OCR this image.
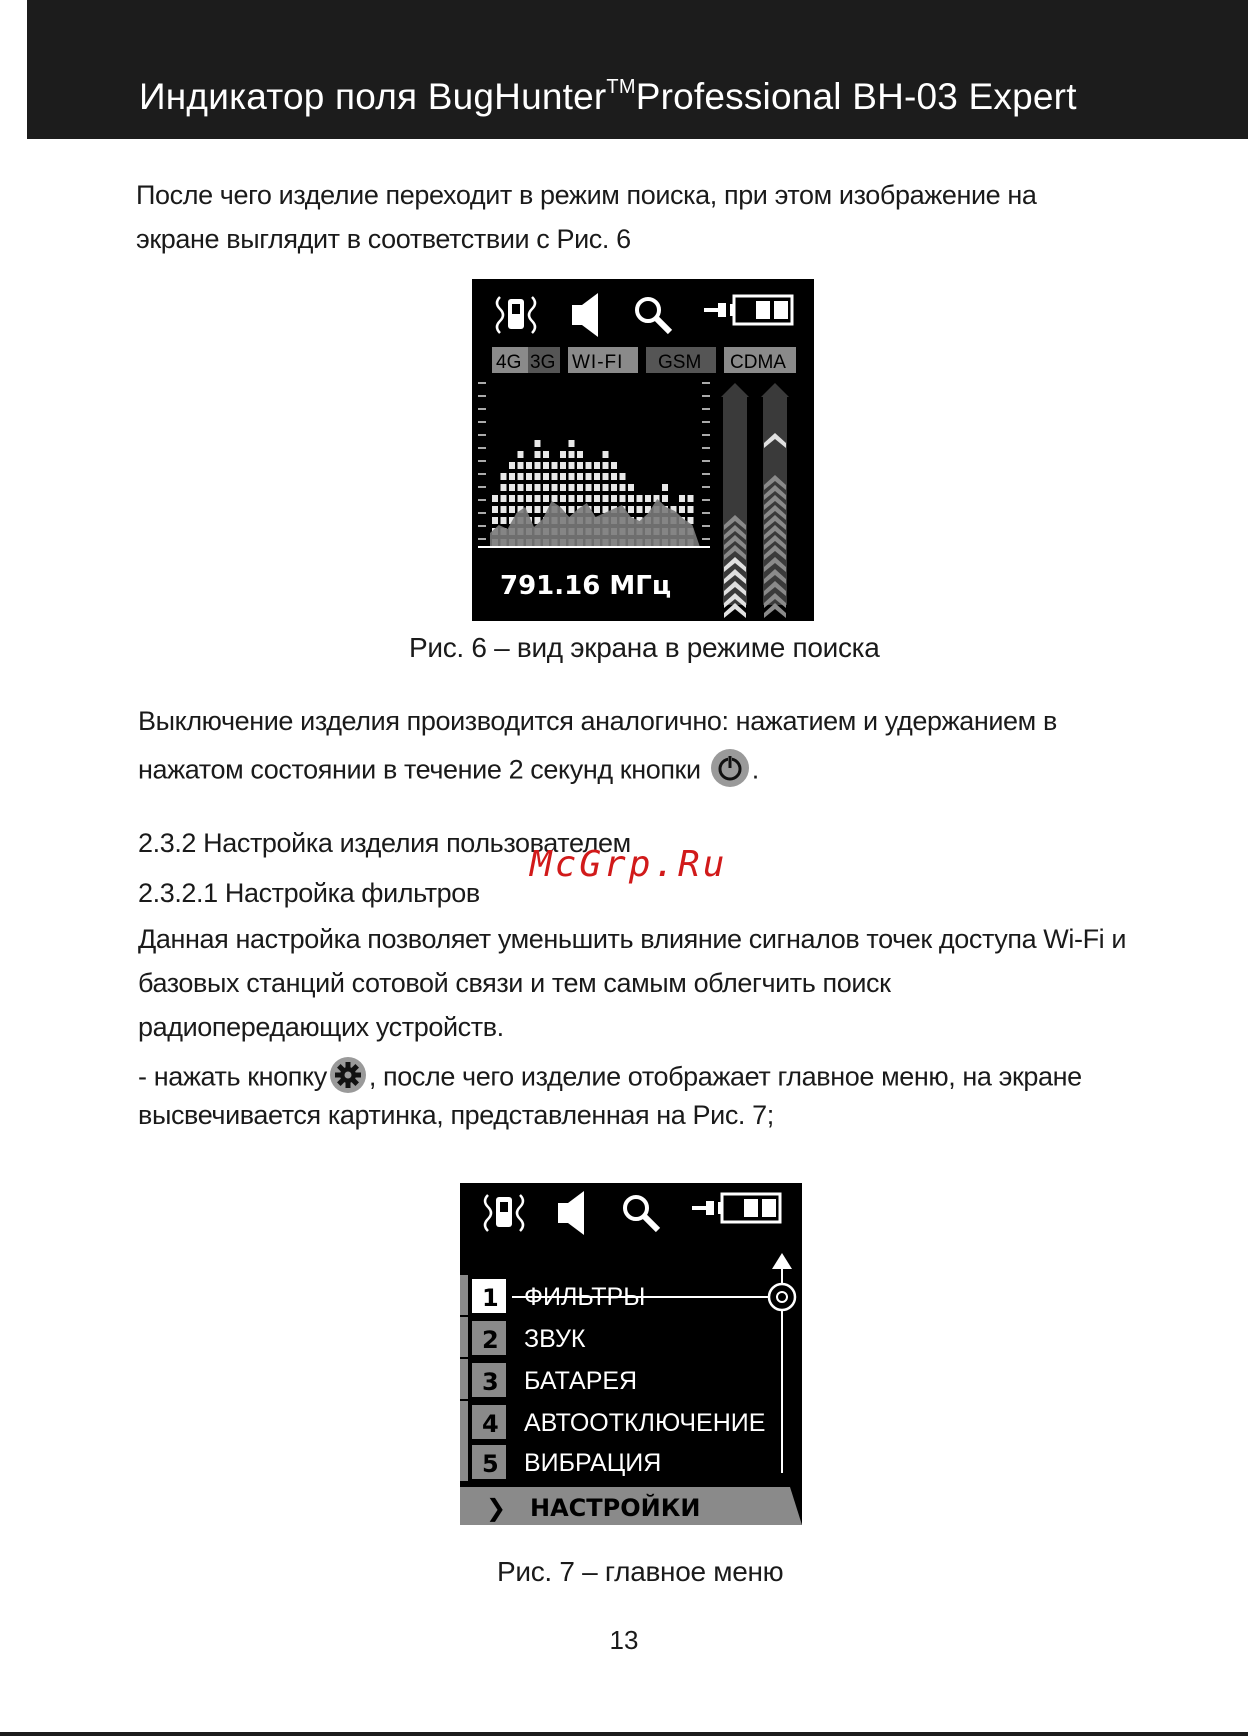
Индикатор поля BugHunter™Professional BH-03 Expert
После чего изделие переходит в режим поиска, при этом изображение на
экране выглядит в соответствии с Рис. 6
4G 3G WI-FI GSM CDMA
791.16 МГц
Рис. 6 – вид экрана в режиме поиска
Выключение изделия производится аналогично: нажатием и удержанием в
нажатом состоянии в течение 2 секунд кнопки .
2.3.2 Настройка изделия пользователем
2.3.2.1 Настройка фильтров
McGrp.Ru
Данная настройка позволяет уменьшить влияние сигналов точек доступа Wi-Fi и
базовых станций сотовой связи и тем самым облегчить поиск
радиопередающих устройств.
- нажать кнопку , после чего изделие отображает главное меню, на экране
высвечивается картинка, представленная на Рис. 7;
1 ФИЛЬТРЫ
2 ЗВУК
3 БАТАРЕЯ
4 АВТООТКЛЮЧЕНИЕ
5 ВИБРАЦИЯ
❯ НАСТРОЙКИ
Рис. 7 – главное меню
13
